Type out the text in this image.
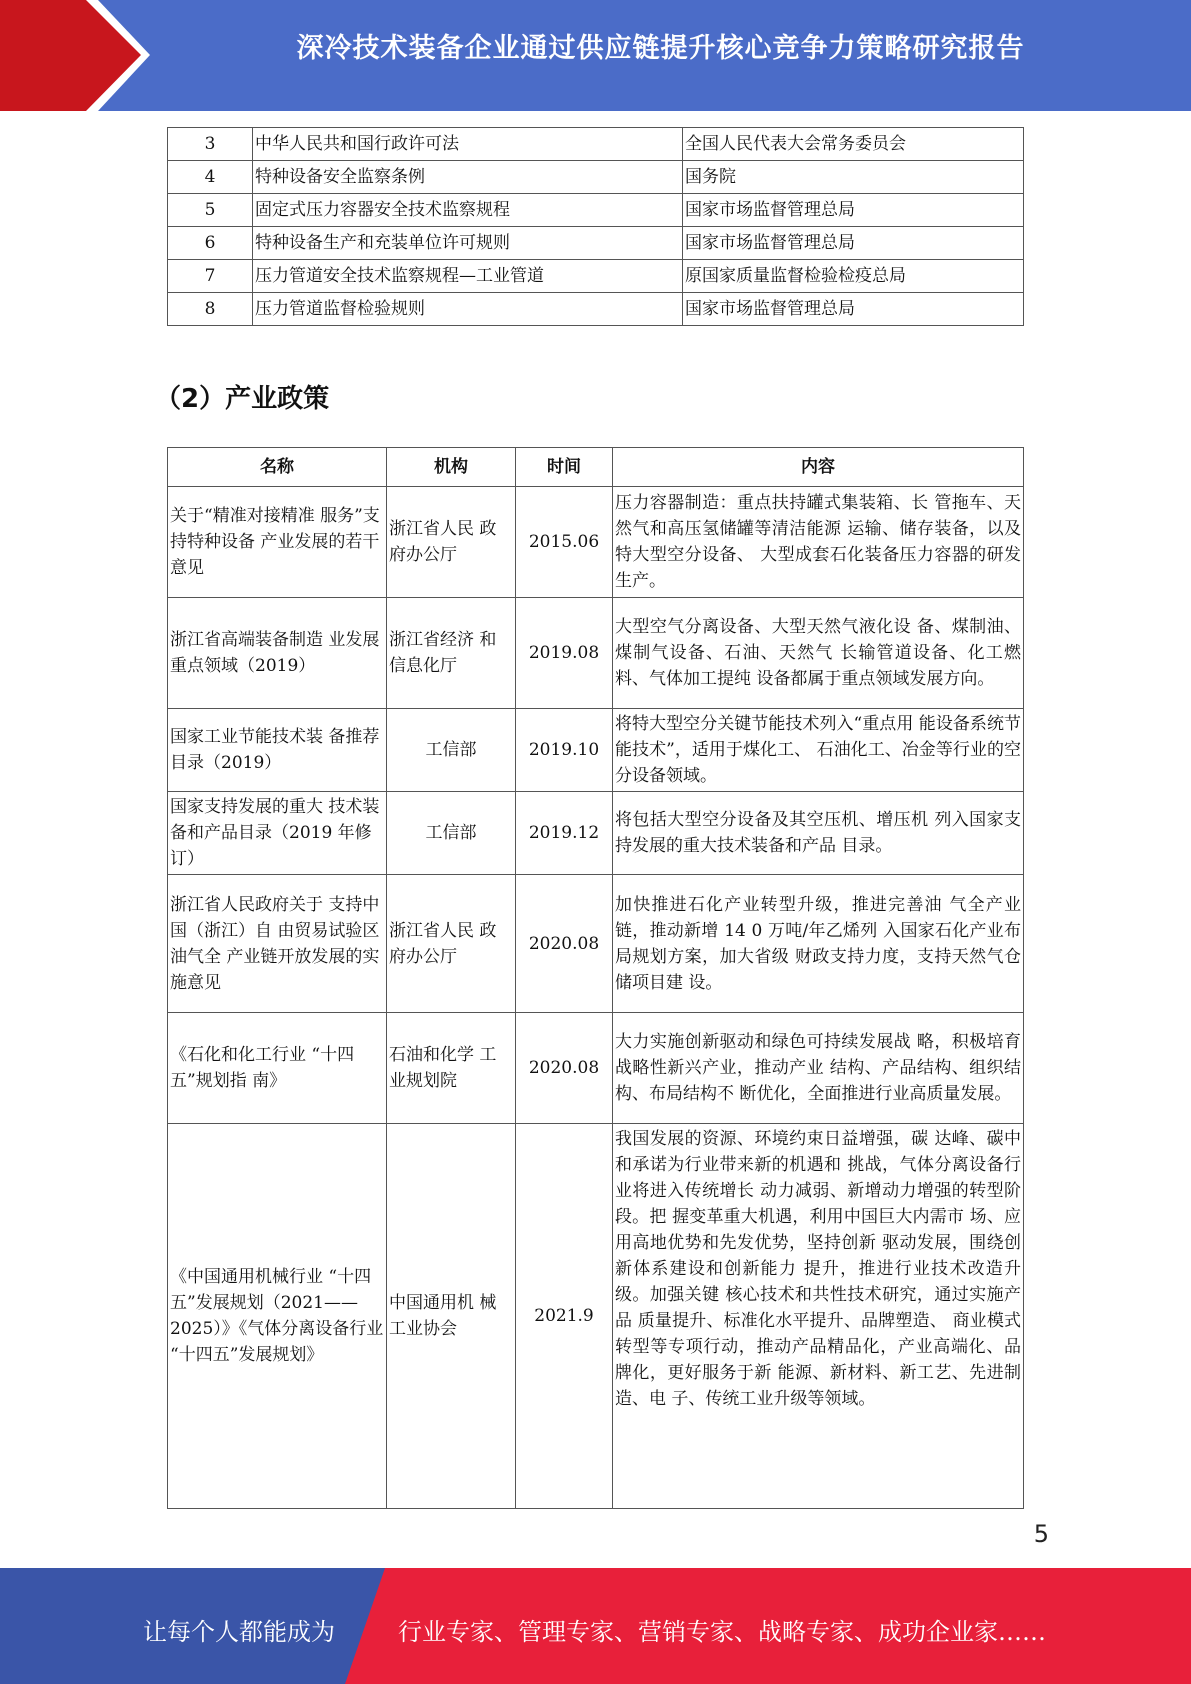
深冷技术装备企业通过供应链提升核心竞争力策略研究报告
3	中华人民共和国行政许可法	全国人民代表大会常务委员会
4	特种设备安全监察条例	国务院
5	固定式压力容器安全技术监察规程	国家市场监督管理总局
6	特种设备生产和充装单位许可规则	国家市场监督管理总局
7	压力管道安全技术监察规程—工业管道	原国家质量监督检验检疫总局
8	压力管道监督检验规则	国家市场监督管理总局
（2）产业政策
名称	机构	时间	内容
关于“精准对接精准 服务”支持特种设备 产业发展的若干意见	浙江省人民 政府办公厅	2015.06	压力容器制造：重点扶持罐式集装箱、长 管拖车、天然气和高压氢储罐等清洁能源 运输、储存装备，以及特大型空分设备、 大型成套石化装备压力容器的研发生产。
浙江省高端装备制造 业发展重点领域（2019）	浙江省经济 和信息化厅	2019.08	大型空气分离设备、大型天然气液化设 备、煤制油、煤制气设备、石油、天然气 长输管道设备、化工燃料、气体加工提纯 设备都属于重点领域发展方向。
国家工业节能技术装 备推荐目录（2019）	工信部	2019.10	将特大型空分关键节能技术列入“重点用 能设备系统节能技术”，适用于煤化工、 石油化工、冶金等行业的空分设备领域。
国家支持发展的重大 技术装备和产品目录（2019 年修订）	工信部	2019.12	将包括大型空分设备及其空压机、增压机 列入国家支持发展的重大技术装备和产品 目录。
浙江省人民政府关于 支持中国（浙江）自 由贸易试验区油气全 产业链开放发展的实 施意见	浙江省人民 政府办公厅	2020.08	加快推进石化产业转型升级，推进完善油 气全产业链，推动新增 14 0 万吨/年乙烯列 入国家石化产业布局规划方案，加大省级 财政支持力度，支持天然气仓储项目建 设。
《石化和化工行业 “十四五”规划指 南》	石油和化学 工业规划院	2020.08	大力实施创新驱动和绿色可持续发展战 略，积极培育战略性新兴产业，推动产业 结构、产品结构、组织结构、布局结构不 断优化，全面推进行业高质量发展。
《中国通用机械行业 “十四五”发展规划（2021——2025）》《气体分离设备行业 “十四五”发展规划》	中国通用机 械工业协会	2021.9	我国发展的资源、环境约束日益增强，碳 达峰、碳中和承诺为行业带来新的机遇和 挑战，气体分离设备行业将进入传统增长 动力减弱、新增动力增强的转型阶段。把 握变革重大机遇，利用中国巨大内需市 场、应用高地优势和先发优势，坚持创新 驱动发展，围绕创新体系建设和创新能力 提升，推进行业技术改造升级。加强关键 核心技术和共性技术研究，通过实施产品 质量提升、标准化水平提升、品牌塑造、 商业模式转型等专项行动，推动产品精品化，产业高端化、品牌化，更好服务于新 能源、新材料、新工艺、先进制造、电 子、传统工业升级等领域。
5
让每个人都能成为	行业专家、管理专家、营销专家、战略专家、成功企业家……
